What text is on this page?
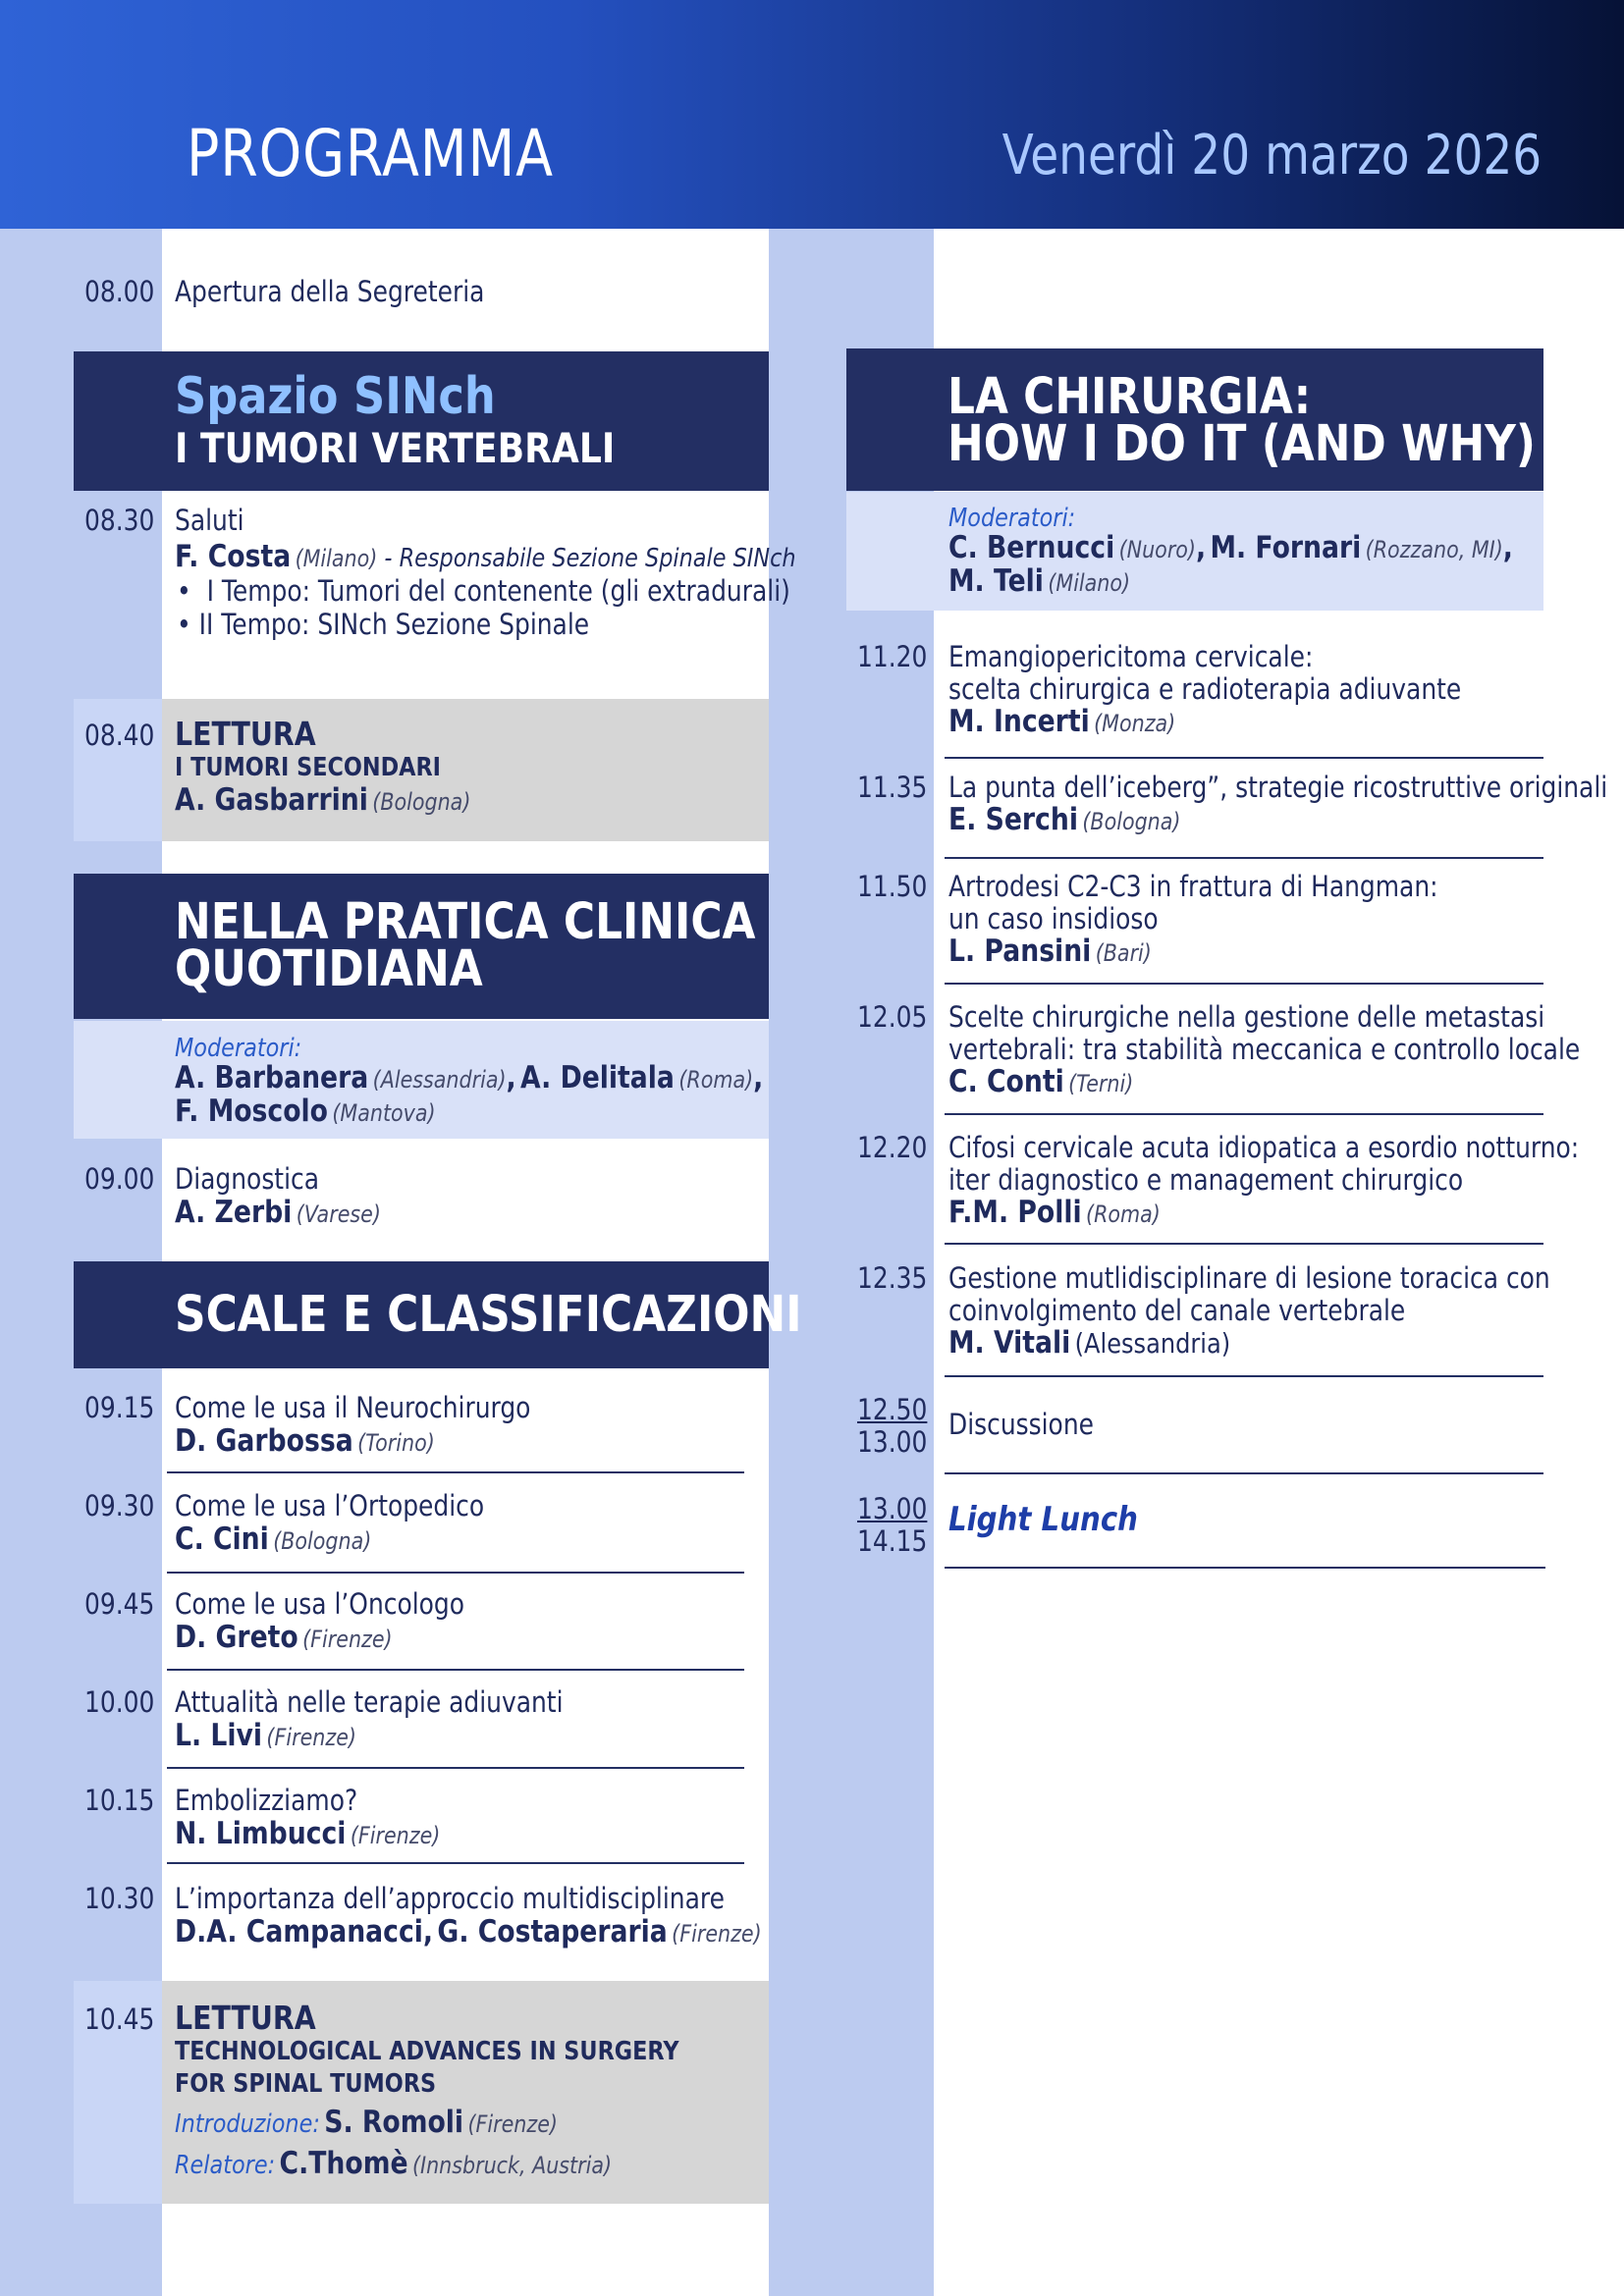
PROGRAMMA	Venerdì 20 marzo 2026
08.00 Apertura della Segreteria
Spazio SINch
I TUMORI VERTEBRALI
08.30 Saluti
F. Costa (Milano) - Responsabile Sezione Spinale SINch
• I Tempo: Tumori del contenente (gli extradurali)
• II Tempo: SINch Sezione Spinale
08.40 LETTURA
I TUMORI SECONDARI
A. Gasbarrini (Bologna)
NELLA PRATICA CLINICA
QUOTIDIANA
Moderatori:
A. Barbanera (Alessandria), A. Delitala (Roma),
F. Moscolo (Mantova)
09.00 Diagnostica
A. Zerbi (Varese)
SCALE E CLASSIFICAZIONI
09.15 Come le usa il Neurochirurgo
D. Garbossa (Torino)
09.30 Come le usa l’Ortopedico
C. Cini (Bologna)
09.45 Come le usa l’Oncologo
D. Greto (Firenze)
10.00 Attualità nelle terapie adiuvanti
L. Livi (Firenze)
10.15 Embolizziamo?
N. Limbucci (Firenze)
10.30 L’importanza dell’approccio multidisciplinare
D.A. Campanacci, G. Costaperaria (Firenze)
10.45 LETTURA
TECHNOLOGICAL ADVANCES IN SURGERY
FOR SPINAL TUMORS
Introduzione: S. Romoli (Firenze)
Relatore: C.Thomè (Innsbruck, Austria)
LA CHIRURGIA:
HOW I DO IT (AND WHY)
Moderatori:
C. Bernucci (Nuoro), M. Fornari (Rozzano, MI),
M. Teli (Milano)
11.20 Emangiopericitoma cervicale:
scelta chirurgica e radioterapia adiuvante
M. Incerti (Monza)
11.35 La punta dell’iceberg”, strategie ricostruttive originali
E. Serchi (Bologna)
11.50 Artrodesi C2-C3 in frattura di Hangman:
un caso insidioso
L. Pansini (Bari)
12.05 Scelte chirurgiche nella gestione delle metastasi
vertebrali: tra stabilità meccanica e controllo locale
C. Conti (Terni)
12.20 Cifosi cervicale acuta idiopatica a esordio notturno:
iter diagnostico e management chirurgico
F.M. Polli (Roma)
12.35 Gestione mutlidisciplinare di lesione toracica con
coinvolgimento del canale vertebrale
M. Vitali (Alessandria)
12.50
13.00
Discussione
13.00
14.15
Light Lunch
